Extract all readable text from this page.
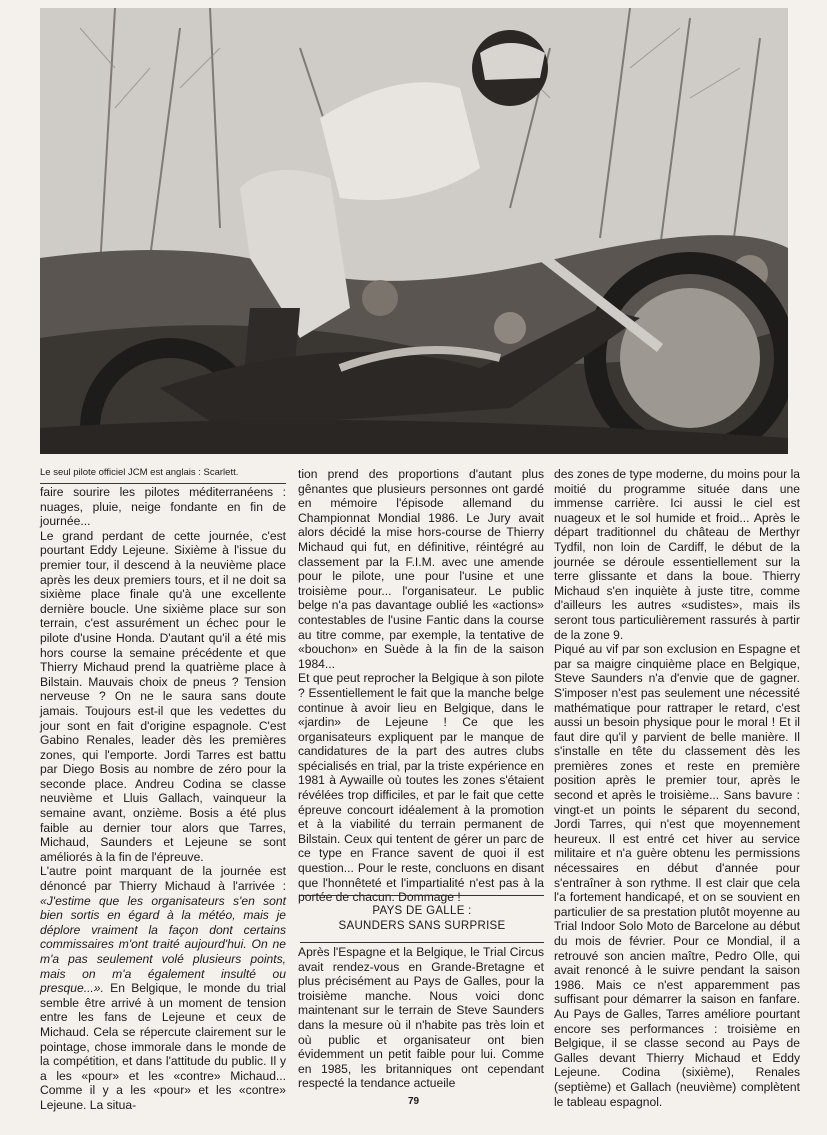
Le seul pilote officiel JCM est anglais : Scarlett.

faire sourire les pilotes méditerranéens : nuages, pluie, neige fondante en fin de journée...

Le grand perdant de cette journée, c'est pourtant Eddy Lejeune. Sixième à l'issue du premier tour, il descend à la neuvième place après les deux premiers tours, et il ne doit sa sixième place finale qu'à une excellente dernière boucle. Une sixième place sur son terrain, c'est assurément un échec pour le pilote d'usine Honda. D'autant qu'il a été mis hors course la semaine précédente et que Thierry Michaud prend la quatrième place à Bilstain. Mauvais choix de pneus ? Tension nerveuse ? On ne le saura sans doute jamais. Toujours est-il que les vedettes du jour sont en fait d'origine espagnole. C'est Gabino Renales, leader dès les premières zones, qui l'emporte. Jordi Tarres est battu par Diego Bosis au nombre de zéro pour la seconde place. Andreu Codina se classe neuvième et Lluis Gallach, vainqueur la semaine avant, onzième. Bosis a été plus faible au dernier tour alors que Tarres, Michaud, Saunders et Lejeune se sont améliorés à la fin de l'épreuve.

L'autre point marquant de la journée est dénoncé par Thierry Michaud à l'arrivée : «J'estime que les organisateurs s'en sont bien sortis en égard à la météo, mais je déplore vraiment la façon dont certains commissaires m'ont traité aujourd'hui. On ne m'a pas seulement volé plusieurs points, mais on m'a également insulté ou presque...». En Belgique, le monde du trial semble être arrivé à un moment de tension entre les fans de Lejeune et ceux de Michaud. Cela se répercute clairement sur le pointage, chose immorale dans le monde de la compétition, et dans l'attitude du public. Il y a les «pour» et les «contre» Michaud... Comme il y a les «pour» et les «contre» Lejeune. La situa-

tion prend des proportions d'autant plus gênantes que plusieurs personnes ont gardé en mémoire l'épisode allemand du Championnat Mondial 1986. Le Jury avait alors décidé la mise hors-course de Thierry Michaud qui fut, en définitive, réintégré au classement par la F.I.M. avec une amende pour le pilote, une pour l'usine et une troisième pour... l'organisateur. Le public belge n'a pas davantage oublié les «actions» contestables de l'usine Fantic dans la course au titre comme, par exemple, la tentative de «bouchon» en Suède à la fin de la saison 1984...

Et que peut reprocher la Belgique à son pilote ? Essentiellement le fait que la manche belge continue à avoir lieu en Belgique, dans le «jardin» de Lejeune ! Ce que les organisateurs expliquent par le manque de candidatures de la part des autres clubs spécialisés en trial, par la triste expérience en 1981 à Aywaille où toutes les zones s'étaient révélées trop difficiles, et par le fait que cette épreuve concourt idéalement à la promotion et à la viabilité du terrain permanent de Bilstain. Ceux qui tentent de gérer un parc de ce type en France savent de quoi il est question... Pour le reste, concluons en disant que l'honnêteté et l'impartialité n'est pas à la portée de chacun. Dommage !

PAYS DE GALLE :
SAUNDERS SANS SURPRISE

Après l'Espagne et la Belgique, le Trial Circus avait rendez-vous en Grande-Bretagne et plus précisément au Pays de Galles, pour la troisième manche. Nous voici donc maintenant sur le terrain de Steve Saunders dans la mesure où il n'habite pas très loin et où public et organisateur ont bien évidemment un petit faible pour lui. Comme en 1985, les britanniques ont cependant respecté la tendance actueile

des zones de type moderne, du moins pour la moitié du programme située dans une immense carrière. Ici aussi le ciel est nuageux et le sol humide et froid... Après le départ traditionnel du château de Merthyr Tydfil, non loin de Cardiff, le début de la journée se déroule essentiellement sur la terre glissante et dans la boue. Thierry Michaud s'en inquiète à juste titre, comme d'ailleurs les autres «sudistes», mais ils seront tous particulièrement rassurés à partir de la zone 9.

Piqué au vif par son exclusion en Espagne et par sa maigre cinquième place en Belgique, Steve Saunders n'a d'envie que de gagner. S'imposer n'est pas seulement une nécessité mathématique pour rattraper le retard, c'est aussi un besoin physique pour le moral ! Et il faut dire qu'il y parvient de belle manière. Il s'installe en tête du classement dès les premières zones et reste en première position après le premier tour, après le second et après le troisième... Sans bavure : vingt-et un points le séparent du second, Jordi Tarres, qui n'est que moyennement heureux. Il est entré cet hiver au service militaire et n'a guère obtenu les permissions nécessaires en début d'année pour s'entraîner à son rythme. Il est clair que cela l'a fortement handicapé, et on se souvient en particulier de sa prestation plutôt moyenne au Trial Indoor Solo Moto de Barcelone au début du mois de février. Pour ce Mondial, il a retrouvé son ancien maître, Pedro Olle, qui avait renoncé à le suivre pendant la saison 1986. Mais ce n'est apparemment pas suffisant pour démarrer la saison en fanfare. Au Pays de Galles, Tarres améliore pourtant encore ses performances : troisième en Belgique, il se classe second au Pays de Galles devant Thierry Michaud et Eddy Lejeune. Codina (sixième), Renales (septième) et Gallach (neuvième) complètent le tableau espagnol.

79
